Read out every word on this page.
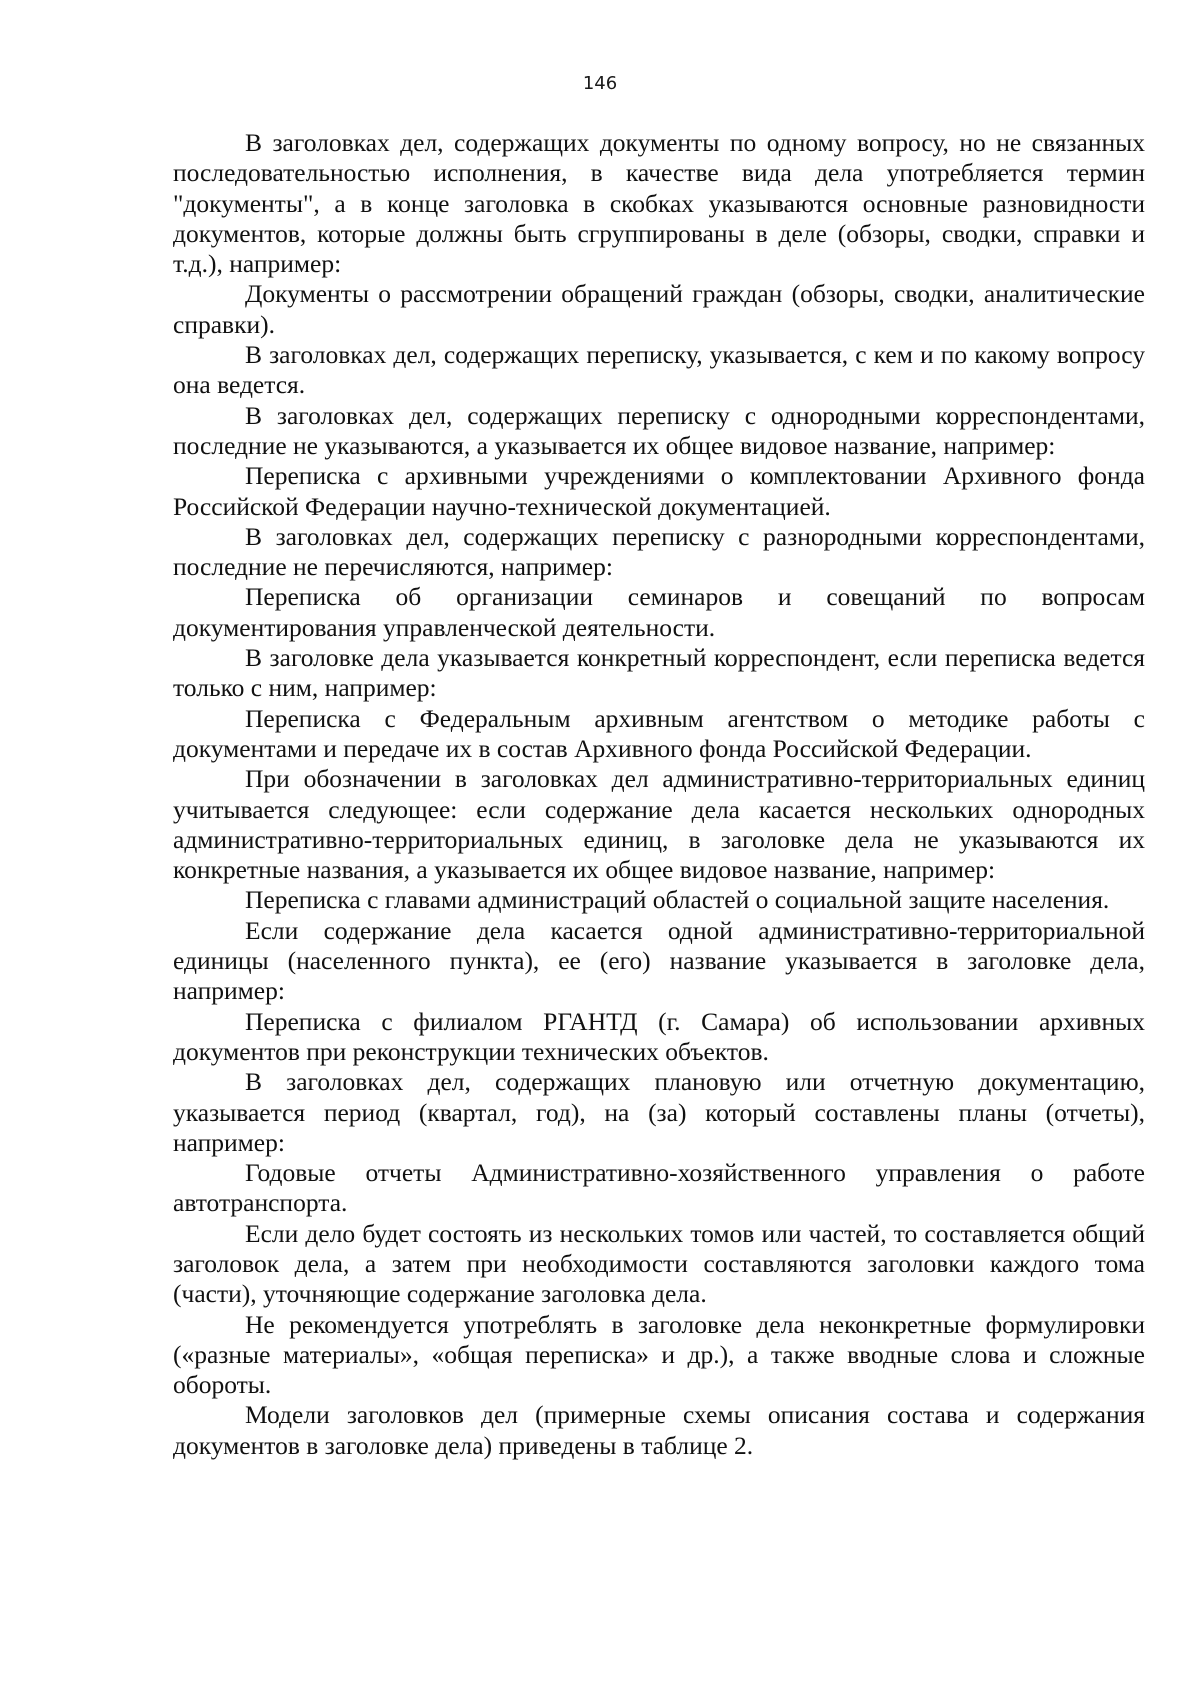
146

В заголовках дел, содержащих документы по одному вопросу, но не связанных последовательностью исполнения, в качестве вида дела употребляется термин "документы", а в конце заголовка в скобках указываются основные разновидности документов, которые должны быть сгруппированы в деле (обзоры, сводки, справки и т.д.), например:

Документы о рассмотрении обращений граждан (обзоры, сводки, аналитические справки).

В заголовках дел, содержащих переписку, указывается, с кем и по какому вопросу она ведется.

В заголовках дел, содержащих переписку с однородными корреспондентами, последние не указываются, а указывается их общее видовое название, например:

Переписка с архивными учреждениями о комплектовании Архивного фонда Российской Федерации научно-технической документацией.

В заголовках дел, содержащих переписку с разнородными корреспондентами, последние не перечисляются, например:

Переписка об организации семинаров и совещаний по вопросам документирования управленческой деятельности.

В заголовке дела указывается конкретный корреспондент, если переписка ведется только с ним, например:

Переписка с Федеральным архивным агентством о методике работы с документами и передаче их в состав Архивного фонда Российской Федерации.

При обозначении в заголовках дел административно-территориальных единиц учитывается следующее: если содержание дела касается нескольких однородных административно-территориальных единиц, в заголовке дела не указываются их конкретные названия, а указывается их общее видовое название, например:

Переписка с главами администраций областей о социальной защите населения.

Если содержание дела касается одной административно-территориальной единицы (населенного пункта), ее (его) название указывается в заголовке дела, например:

Переписка с филиалом РГАНТД (г. Самара) об использовании архивных документов при реконструкции технических объектов.

В заголовках дел, содержащих плановую или отчетную документацию, указывается период (квартал, год), на (за) который составлены планы (отчеты), например:

Годовые отчеты Административно-хозяйственного управления о работе автотранспорта.

Если дело будет состоять из нескольких томов или частей, то составляется общий заголовок дела, а затем при необходимости составляются заголовки каждого тома (части), уточняющие содержание заголовка дела.

Не рекомендуется употреблять в заголовке дела неконкретные формулировки («разные материалы», «общая переписка» и др.), а также вводные слова и сложные обороты.

Модели заголовков дел (примерные схемы описания состава и содержания документов в заголовке дела) приведены в таблице 2.
